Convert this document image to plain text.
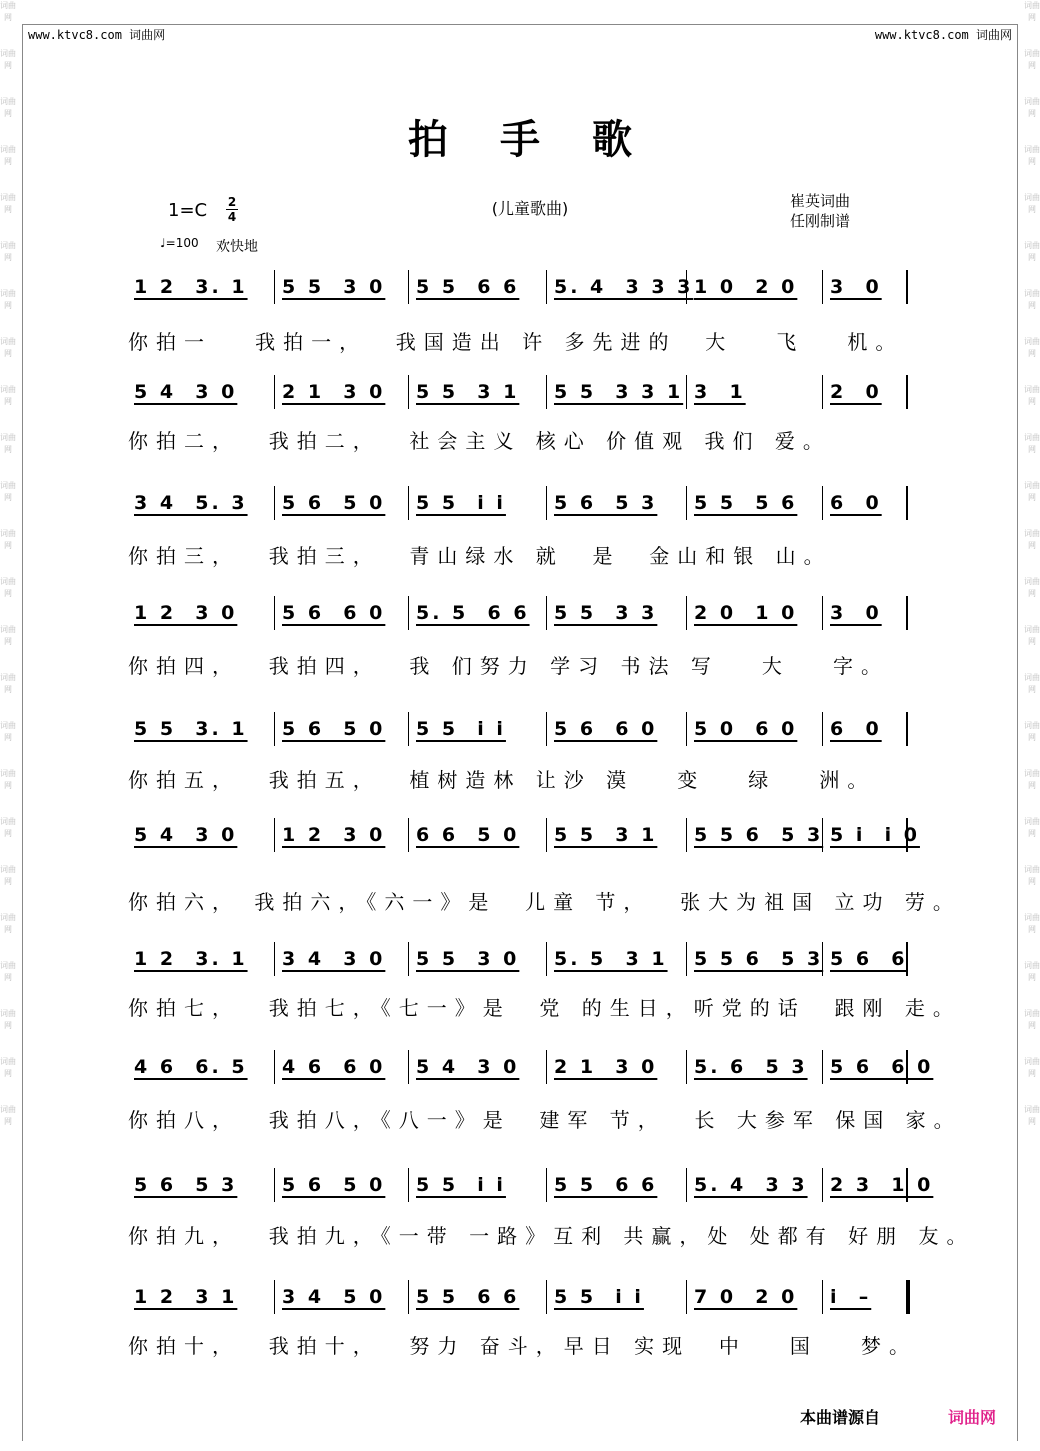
词曲网
词曲网
词曲网
词曲网
词曲网
词曲网
词曲网
词曲网
词曲网
词曲网
词曲网
词曲网
词曲网
词曲网
词曲网
词曲网
词曲网
词曲网
词曲网
词曲网
词曲网
词曲网
词曲网
词曲网
词曲网
词曲网
词曲网
词曲网
词曲网
词曲网
词曲网
词曲网
词曲网
词曲网
词曲网
词曲网
词曲网
词曲网
词曲网
词曲网
词曲网
词曲网
词曲网
词曲网
词曲网
词曲网
词曲网
词曲网
www.ktvc8.com 词曲网	www.ktvc8.com 词曲网
拍手歌
(儿童歌曲)	崔英词曲
任刚制谱
1=C 2
4
♩=100 欢快地
1 2  3. 1 5 5  3 0 5 5  6 6 5. 4  3 3 3 1 0  2 0 3  0
你拍一   我拍一，  我国造出 许 多先进的  大   飞   机。
5 4  3 0 2 1  3 0 5 5  3 1 5 5  3 3 1 3  1	2  0
你拍二，  我拍二，  社会主义 核心 价值观 我们 爱。
3 4  5. 3 5 6  5 0 5 5  i i	5 6  5 3 5 5  5 6 6  0
你拍三，  我拍三，  青山绿水 就  是  金山和银 山。
1 2  3 0 5 6  6 0 5. 5  6 6 5 5  3 3 2 0  1 0 3  0
你拍四，  我拍四，  我 们努力 学习 书法 写   大   字。
5 5  3. 1 5 6  5 0 5 5  i i	5 6  6 0 5 0  6 0 6  0
你拍五，  我拍五，  植树造林 让沙 漠   变   绿   洲。
5 4  3 0 1 2  3 0 6 6  5 0 5 5  3 1 5 5 6  5 3 5 i  i 0
你拍六， 我拍六，《六一》是  儿童 节，  张大为祖国 立功 劳。
1 2  3. 1 3 4  3 0 5 5  3 0 5. 5  3 1 5 5 6  5 3 5 6  6
你拍七，  我拍七，《七一》是  党 的生日，听党的话  跟刚 走。
4 6  6. 5 4 6  6 0 5 4  3 0 2 1  3 0 5. 6  5 3 5 6  6 0
你拍八，  我拍八，《八一》是  建军 节，  长 大参军 保国 家。
5 6  5 3 5 6  5 0 5 5  i i	5 5  6 6 5. 4  3 3 2 3  1 0
你拍九，  我拍九，《一带 一路》互利 共赢，处 处都有 好朋 友。
1 2  3 1 3 4  5 0 5 5  6 6 5 5  i i	7 0  2 0 i  –
你拍十，  我拍十，  努力 奋斗，早日 实现  中   国   梦。
本曲谱源自	词曲网
